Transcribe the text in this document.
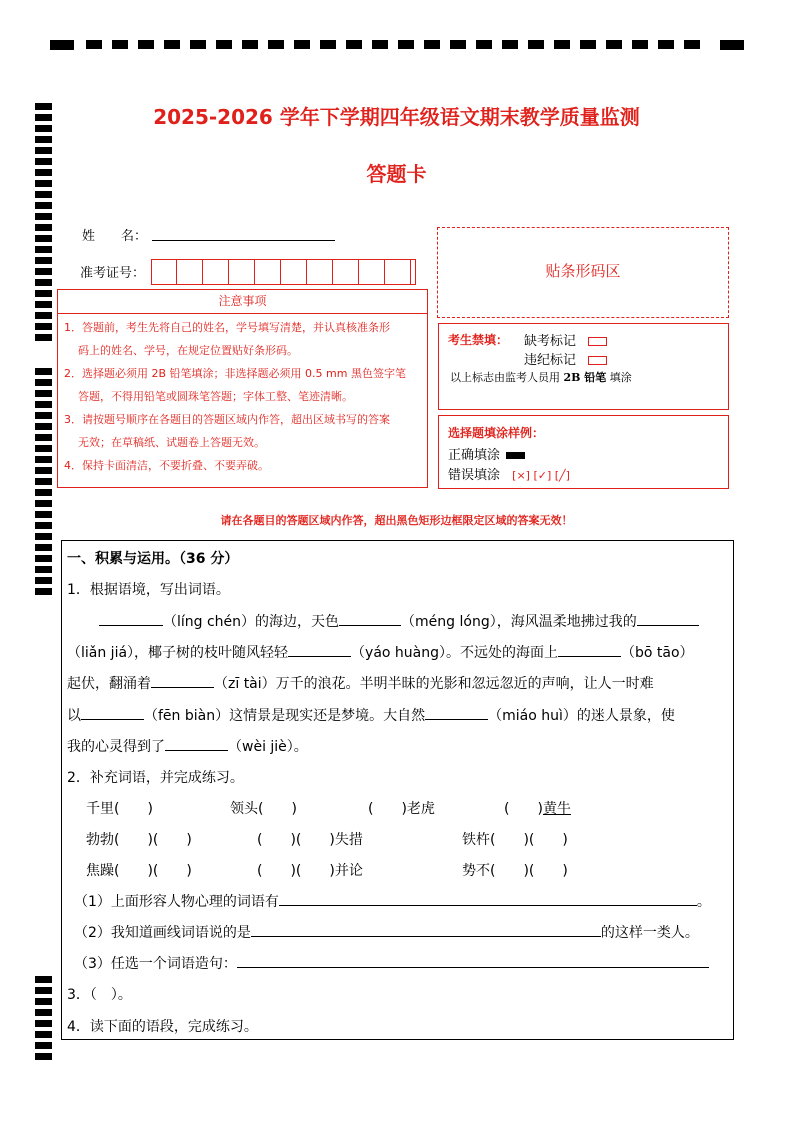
2025-2026 学年下学期四年级语文期末教学质量监测
答题卡
姓　　名：
准考证号：	贴条形码区
注意事项
1．答题前，考生先将自己的姓名，学号填写清楚，并认真核准条形
码上的姓名、学号，在规定位置贴好条形码。
2．选择题必须用 2B 铅笔填涂；非选择题必须用 0.5 mm 黑色签字笔
答题，不得用铅笔或圆珠笔答题；字体工整、笔迹清晰。
3．请按题号顺序在各题目的答题区域内作答，超出区域书写的答案
无效；在草稿纸、试题卷上答题无效。
4．保持卡面清洁，不要折叠、不要弄破。
考生禁填： 缺考标记
违纪标记
以上标志由监考人员用 2B 铅笔 填涂
选择题填涂样例：
正确填涂
错误填涂 [×] [✓] [╱]
请在各题目的答题区域内作答，超出黑色矩形边框限定区域的答案无效！
一、积累与运用。（36 分）
1．根据语境，写出词语。
（líng chén）的海边，天色	（méng lóng），海风温柔地拂过我的
（liǎn jiá），椰子树的枝叶随风轻轻	（yáo huàng）。不远处的海面上	（bō tāo）
起伏，翻涌着	（zī tài）万千的浪花。半明半昧的光影和忽远忽近的声响，让人一时难
以	（fēn biàn）这情景是现实还是梦境。大自然	（miáo huì）的迷人景象，使
我的心灵得到了	（wèi jiè）。
2．补充词语，并完成练习。
千里(　　)	领头(　　)	(　　)老虎	(　　)黄牛
勃勃(　　)(　　)	(　　)(　　)失措	铁杵(　　)(　　)
焦躁(　　)(　　)	(　　)(　　)并论	势不(　　)(　　)
（1）上面形容人物心理的词语有	。
（2）我知道画线词语说的是	的这样一类人。
（3）任选一个词语造句：
3．（　）。
4．读下面的语段，完成练习。
